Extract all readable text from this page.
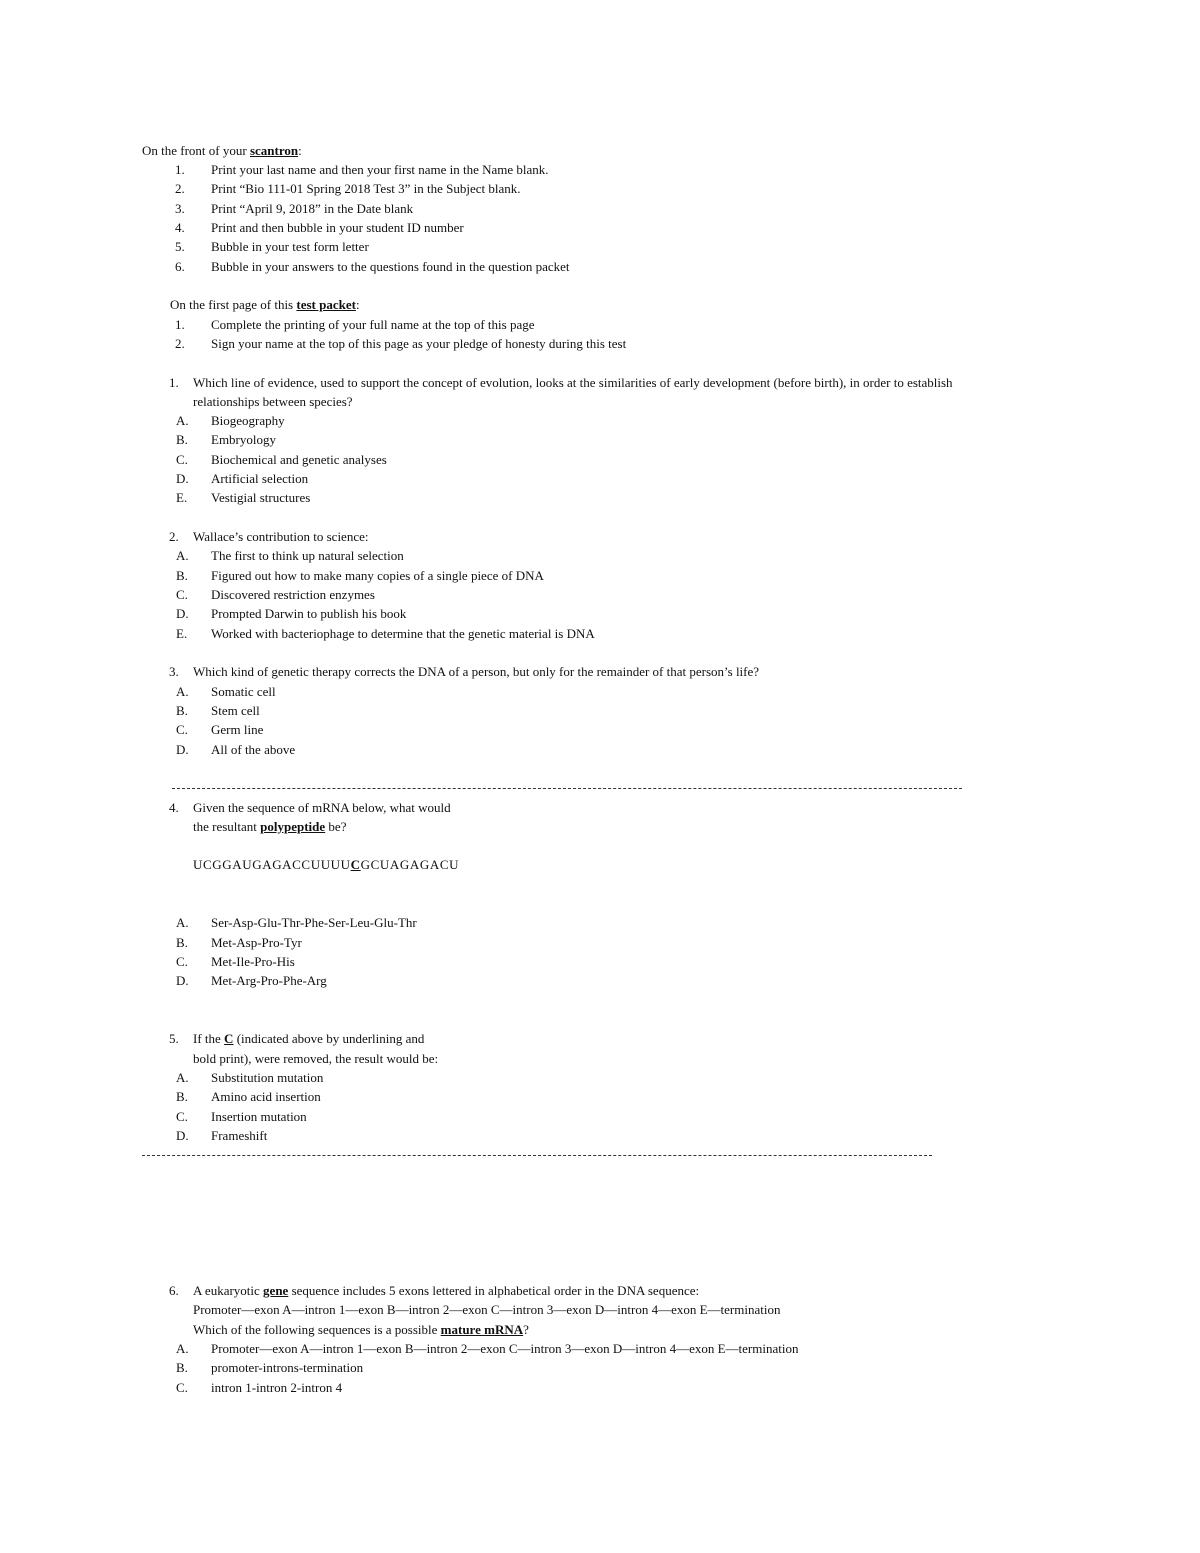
On the front of your scantron:
1.	Print your last name and then your first name in the Name blank.
2.	Print “Bio 111-01 Spring 2018 Test 3” in the Subject blank.
3.	Print “April 9, 2018” in the Date blank
4.	Print and then bubble in your student ID number
5.	Bubble in your test form letter
6.	Bubble in your answers to the questions found in the question packet
On the first page of this test packet:
1.	Complete the printing of your full name at the top of this page
2.	Sign your name at the top of this page as your pledge of honesty during this test
1.	Which line of evidence, used to support the concept of evolution, looks at the similarities of early development (before birth), in order to establish
relationships between species?
A.	Biogeography
B.	Embryology
C.	Biochemical and genetic analyses
D.	Artificial selection
E.	Vestigial structures
2.	Wallace’s contribution to science:
A.	The first to think up natural selection
B.	Figured out how to make many copies of a single piece of DNA
C.	Discovered restriction enzymes
D.	Prompted Darwin to publish his book
E.	Worked with bacteriophage to determine that the genetic material is DNA
3.	Which kind of genetic therapy corrects the DNA of a person, but only for the remainder of that person’s life?
A.	Somatic cell
B.	Stem cell
C.	Germ line
D.	All of the above
4.	Given the sequence of mRNA below, what would
the resultant polypeptide be?
UCGGAUGAGACCUUUUCGCUAGAGACU
A.	Ser-Asp-Glu-Thr-Phe-Ser-Leu-Glu-Thr
B.	Met-Asp-Pro-Tyr
C.	Met-Ile-Pro-His
D.	Met-Arg-Pro-Phe-Arg
5.	If the C (indicated above by underlining and
bold print), were removed, the result would be:
A.	Substitution mutation
B.	Amino acid insertion
C.	Insertion mutation
D.	Frameshift
6.	A eukaryotic gene sequence includes 5 exons lettered in alphabetical order in the DNA sequence:
Promoter—exon A—intron 1—exon B—intron 2—exon C—intron 3—exon D—intron 4—exon E—termination
Which of the following sequences is a possible mature mRNA?
A.	Promoter—exon A—intron 1—exon B—intron 2—exon C—intron 3—exon D—intron 4—exon E—termination
B.	promoter-introns-termination
C.	intron 1-intron 2-intron 4
